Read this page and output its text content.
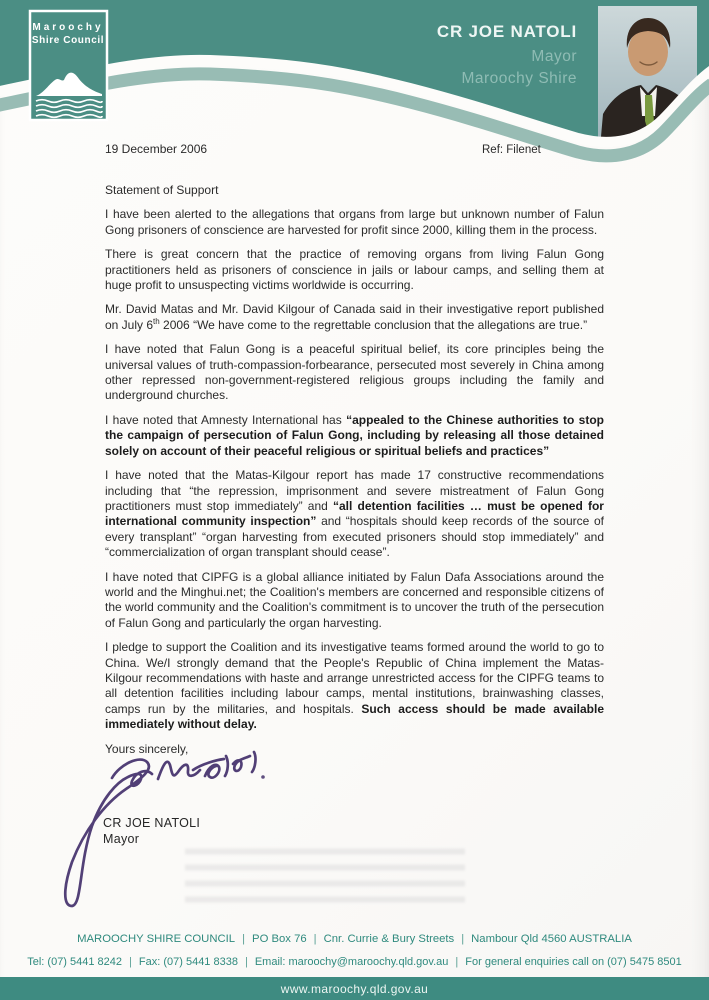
CR JOE NATOLI
Mayor
Maroochy Shire
Maroochy
Shire Council
19 December 2006	Ref: Filenet

Statement of Support

I have been alerted to the allegations that organs from large but unknown number of Falun Gong prisoners of conscience are harvested for profit since 2000, killing them in the process.

There is great concern that the practice of removing organs from living Falun Gong practitioners held as prisoners of conscience in jails or labour camps, and selling them at huge profit to unsuspecting victims worldwide is occurring.

Mr. David Matas and Mr. David Kilgour of Canada said in their investigative report published on July 6th 2006 “We have come to the regrettable conclusion that the allegations are true.”

I have noted that Falun Gong is a peaceful spiritual belief, its core principles being the universal values of truth-compassion-forbearance, persecuted most severely in China among other repressed non-government-registered religious groups including the family and underground churches.

I have noted that Amnesty International has “appealed to the Chinese authorities to stop the campaign of persecution of Falun Gong, including by releasing all those detained solely on account of their peaceful religious or spiritual beliefs and practices”

I have noted that the Matas-Kilgour report has made 17 constructive recommendations including that “the repression, imprisonment and severe mistreatment of Falun Gong practitioners must stop immediately” and “all detention facilities … must be opened for international community inspection” and “hospitals should keep records of the source of every transplant” “organ harvesting from executed prisoners should stop immediately” and “commercialization of organ transplant should cease”.

I have noted that CIPFG is a global alliance initiated by Falun Dafa Associations around the world and the Minghui.net; the Coalition's members are concerned and responsible citizens of the world community and the Coalition's commitment is to uncover the truth of the persecution of Falun Gong and particularly the organ harvesting.

I pledge to support the Coalition and its investigative teams formed around the world to go to China. We/I strongly demand that the People's Republic of China implement the Matas-Kilgour recommendations with haste and arrange unrestricted access for the CIPFG teams to all detention facilities including labour camps, mental institutions, brainwashing classes, camps run by the militaries, and hospitals. Such access should be made available immediately without delay.

Yours sincerely,

CR JOE NATOLI

Mayor

MAROOCHY SHIRE COUNCIL | PO Box 76 | Cnr. Currie & Bury Streets | Nambour Qld 4560 AUSTRALIA
Tel: (07) 5441 8242 | Fax: (07) 5441 8338 | Email: maroochy@maroochy.qld.gov.au | For general enquiries call on (07) 5475 8501
www.maroochy.qld.gov.au
